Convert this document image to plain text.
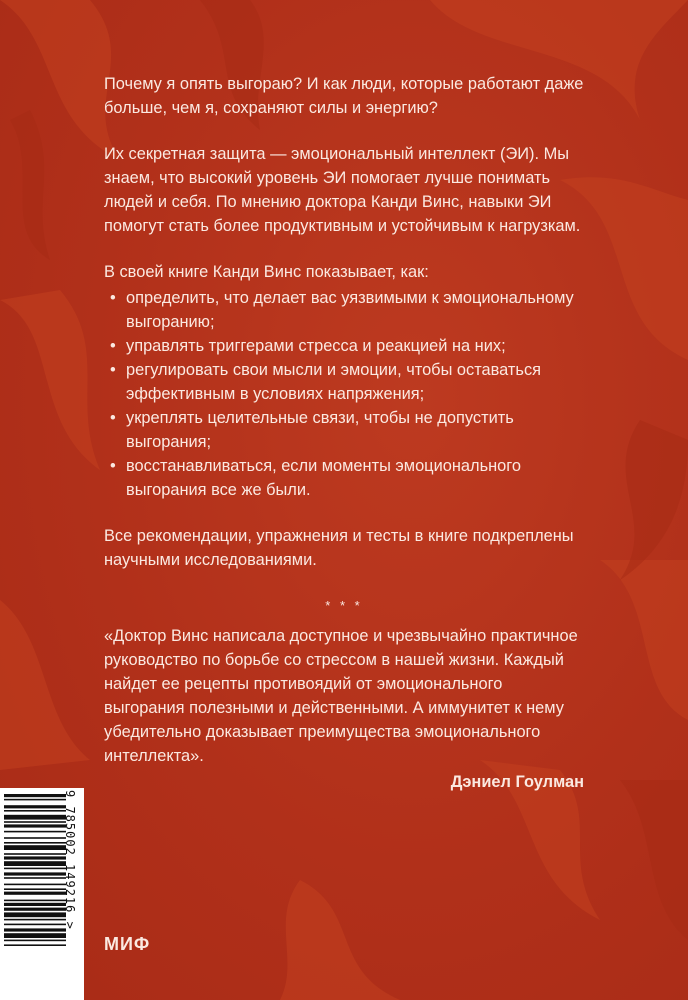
Почему я опять выгораю? И как люди, которые работают даже больше, чем я, сохраняют силы и энергию?

Их секретная защита — эмоциональный интеллект (ЭИ). Мы знаем, что высокий уровень ЭИ помогает лучше понимать людей и себя. По мнению доктора Канди Винс, навыки ЭИ помогут стать более продуктивным и устойчивым к нагрузкам.

В своей книге Канди Винс показывает, как:

• определить, что делает вас уязвимыми к эмоциональному выгоранию;
• управлять триггерами стресса и реакцией на них;
• регулировать свои мысли и эмоции, чтобы оставаться эффективным в условиях напряжения;
• укреплять целительные связи, чтобы не допустить выгорания;
• восстанавливаться, если моменты эмоционального выгорания все же были.

Все рекомендации, упражнения и тесты в книге подкреплены научными исследованиями.

* * *

«Доктор Винс написала доступное и чрезвычайно практичное руководство по борьбе со стрессом в нашей жизни. Каждый найдет ее рецепты противоядий от эмоционального выгорания полезными и действенными. А иммунитет к нему убедительно доказывает преимущества эмоционального интеллекта».

Дэниел Гоулман
9 785002 149216 >
МИФ
